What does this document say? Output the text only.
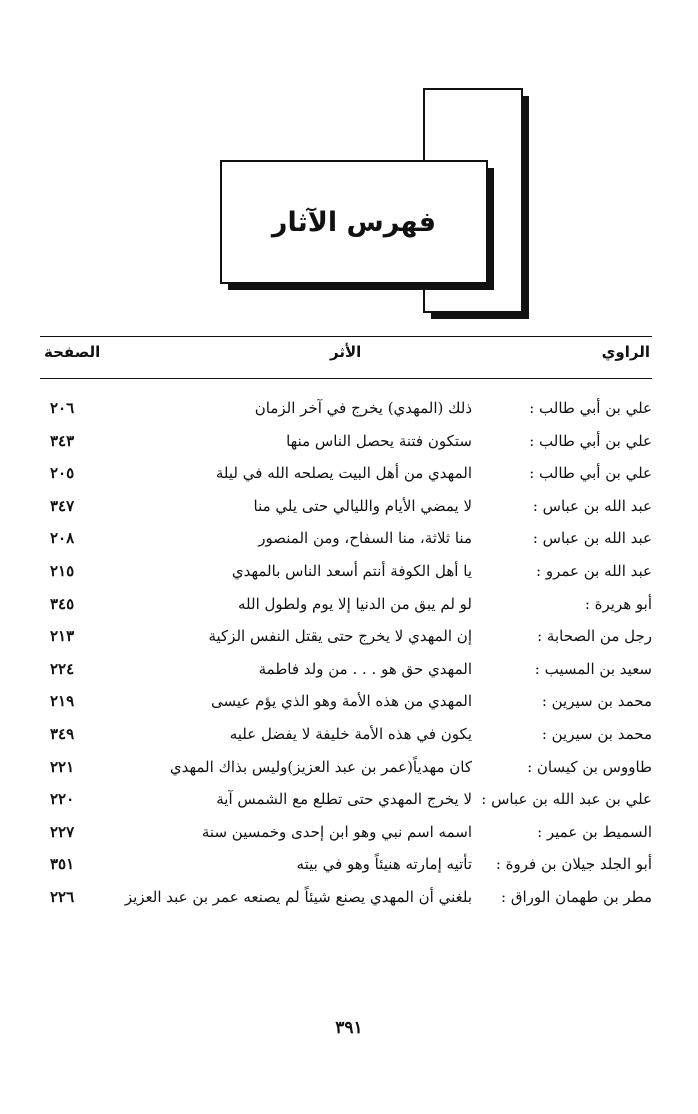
فهرس الآثار
الراوي
الأثر
الصفحة
علي بن أبي طالب :
ذلك (المهدي) يخرج في آخر الزمان
٢٠٦
علي بن أبي طالب :
ستكون فتنة يحصل الناس منها
٣٤٣
علي بن أبي طالب :
المهدي من أهل البيت يصلحه الله في ليلة
٢٠٥
عبد الله بن عباس :
لا يمضي الأيام والليالي حتى يلي منا
٣٤٧
عبد الله بن عباس :
منا ثلاثة، منا السفاح، ومن المنصور
٢٠٨
عبد الله بن عمرو :
يا أهل الكوفة أنتم أسعد الناس بالمهدي
٢١٥
أبو هريرة :
لو لم يبق من الدنيا إلا يوم ولطول الله
٣٤٥
رجل من الصحابة :
إن المهدي لا يخرج حتى يقتل النفس الزكية
٢١٣
سعيد بن المسيب :
المهدي حق هو . . . من ولد فاطمة
٢٢٤
محمد بن سيرين :
المهدي من هذه الأمة وهو الذي يؤم عيسى
٢١٩
محمد بن سيرين :
يكون في هذه الأمة خليفة لا يفضل عليه
٣٤٩
طاووس بن كيسان :
كان مهدياً(عمر بن عبد العزيز)وليس بذاك المهدي
٢٢١
علي بن عبد الله بن عباس :
لا يخرج المهدي حتى تطلع مع الشمس آية
٢٢٠
السميط بن عمير :
اسمه اسم نبي وهو ابن إحدى وخمسين سنة
٢٢٧
أبو الجلد جيلان بن فروة :
تأتيه إمارته هنيئاً وهو في بيته
٣٥١
مطر بن طهمان الوراق :
بلغني أن المهدي يصنع شيئاً لم يصنعه عمر بن عبد العزيز
٢٢٦
٣٩١
